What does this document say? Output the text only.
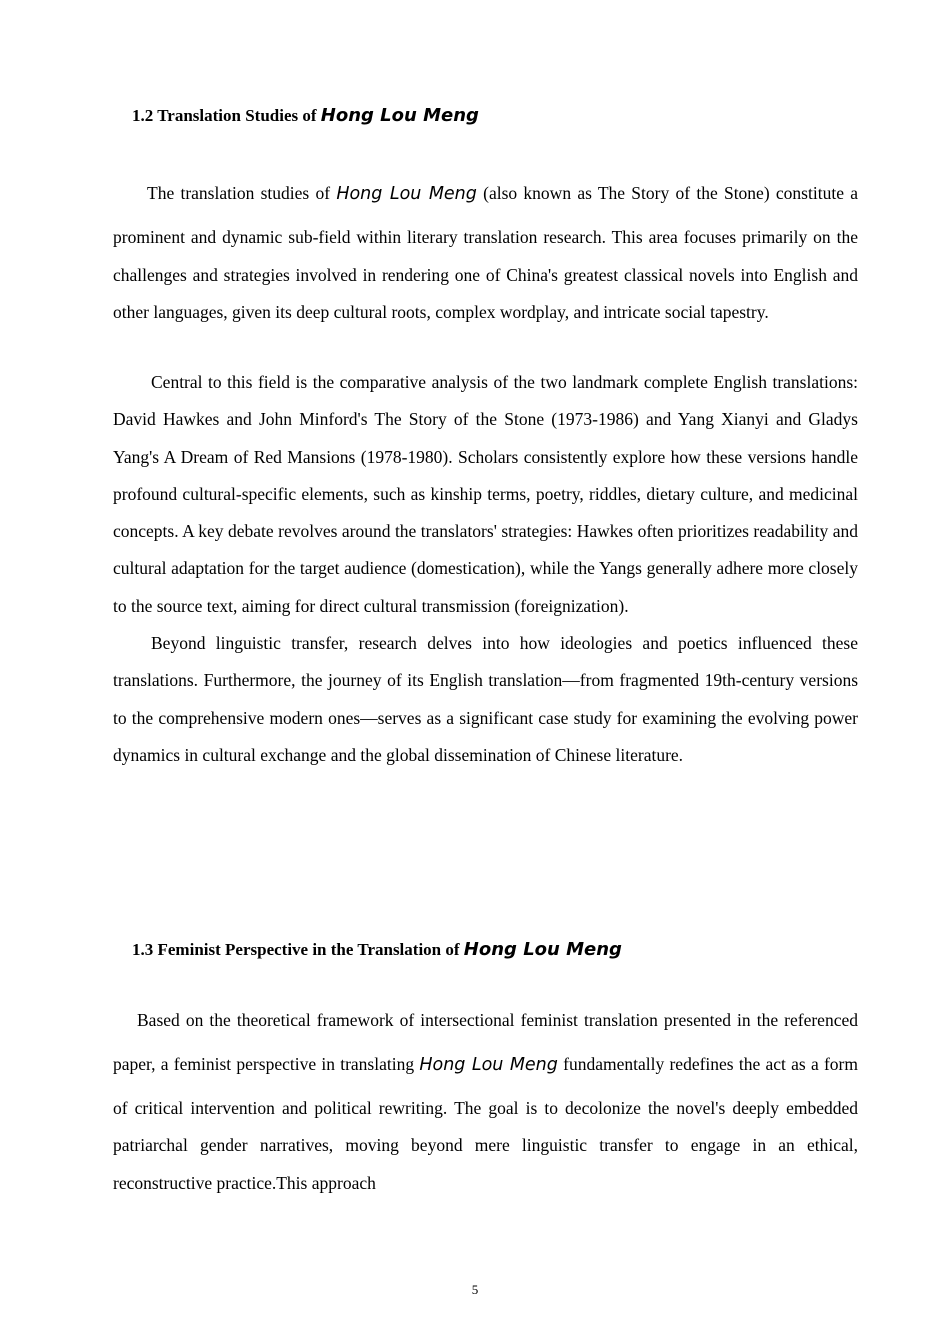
1.2 Translation Studies of Hong Lou Meng

The translation studies of Hong Lou Meng (also known as The Story of the Stone) constitute a prominent and dynamic sub-field within literary translation research. This area focuses primarily on the challenges and strategies involved in rendering one of China's greatest classical novels into English and other languages, given its deep cultural roots, complex wordplay, and intricate social tapestry.

Central to this field is the comparative analysis of the two landmark complete English translations: David Hawkes and John Minford's The Story of the Stone (1973-1986) and Yang Xianyi and Gladys Yang's A Dream of Red Mansions (1978-1980). Scholars consistently explore how these versions handle profound cultural-specific elements, such as kinship terms, poetry, riddles, dietary culture, and medicinal concepts. A key debate revolves around the translators' strategies: Hawkes often prioritizes readability and cultural adaptation for the target audience (domestication), while the Yangs generally adhere more closely to the source text, aiming for direct cultural transmission (foreignization).

Beyond linguistic transfer, research delves into how ideologies and poetics influenced these translations. Furthermore, the journey of its English translation—from fragmented 19th-century versions to the comprehensive modern ones—serves as a significant case study for examining the evolving power dynamics in cultural exchange and the global dissemination of Chinese literature.

1.3 Feminist Perspective in the Translation of Hong Lou Meng

Based on the theoretical framework of intersectional feminist translation presented in the referenced paper, a feminist perspective in translating Hong Lou Meng fundamentally redefines the act as a form of critical intervention and political rewriting. The goal is to decolonize the novel's deeply embedded patriarchal gender narratives, moving beyond mere linguistic transfer to engage in an ethical, reconstructive practice.This approach

5
